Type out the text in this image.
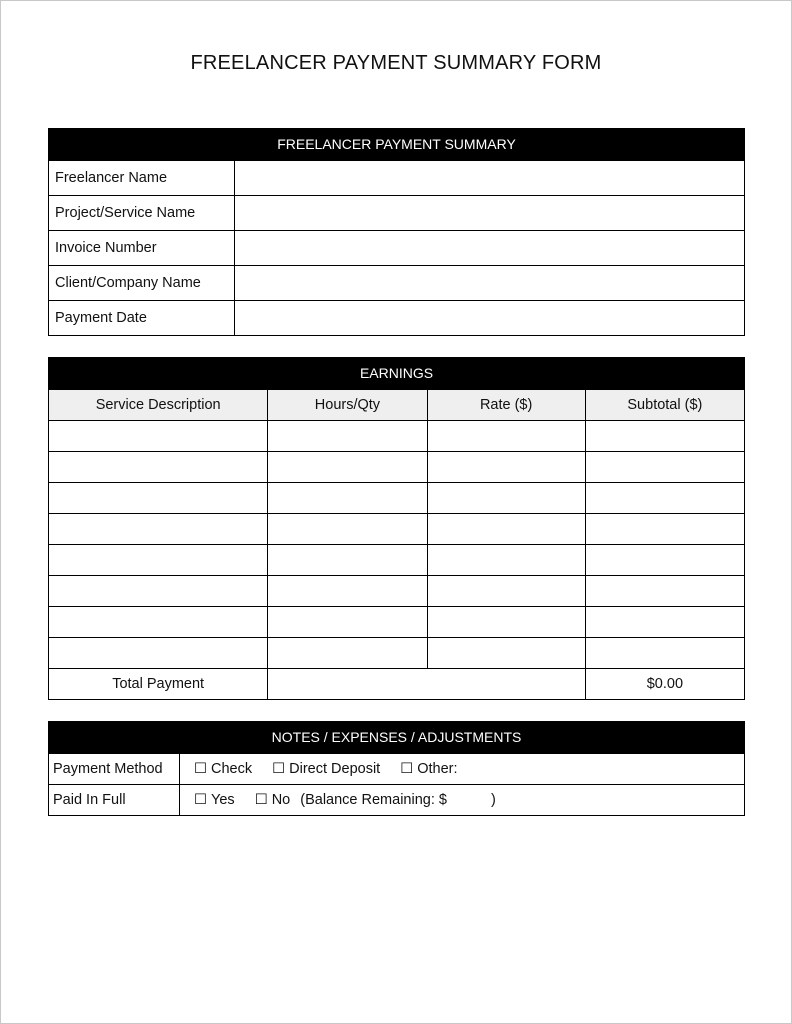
FREELANCER PAYMENT SUMMARY FORM
FREELANCER PAYMENT SUMMARY
Freelancer Name	
Project/Service Name	
Invoice Number	
Client/Company Name	
Payment Date	
EARNINGS
Service Description	Hours/Qty	Rate ($)	Subtotal ($)

Total Payment			$0.00
NOTES / EXPENSES / ADJUSTMENTS
Payment Method	☐ Check ☐ Direct Deposit ☐ Other:
Paid In Full	☐ Yes ☐ No (Balance Remaining: $ )
